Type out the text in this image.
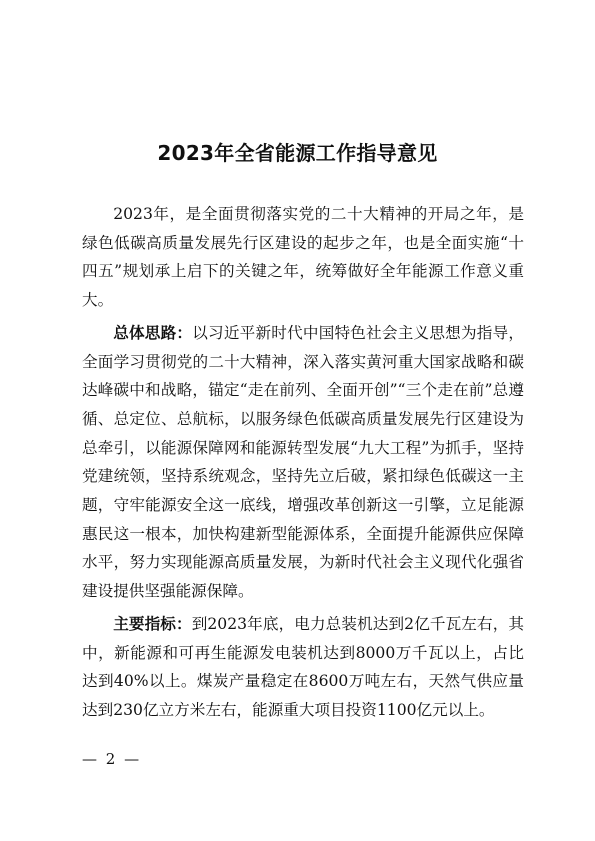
2023年全省能源工作指导意见

2023年，是全面贯彻落实党的二十大精神的开局之年，是绿色低碳高质量发展先行区建设的起步之年，也是全面实施“十四五”规划承上启下的关键之年，统筹做好全年能源工作意义重大。

总体思路：以习近平新时代中国特色社会主义思想为指导，全面学习贯彻党的二十大精神，深入落实黄河重大国家战略和碳达峰碳中和战略，锚定“走在前列、全面开创”“三个走在前”总遵循、总定位、总航标，以服务绿色低碳高质量发展先行区建设为总牵引，以能源保障网和能源转型发展“九大工程”为抓手，坚持党建统领，坚持系统观念，坚持先立后破，紧扣绿色低碳这一主题，守牢能源安全这一底线，增强改革创新这一引擎，立足能源惠民这一根本，加快构建新型能源体系，全面提升能源供应保障水平，努力实现能源高质量发展，为新时代社会主义现代化强省建设提供坚强能源保障。

主要指标：到2023年底，电力总装机达到2亿千瓦左右，其中，新能源和可再生能源发电装机达到8000万千瓦以上，占比达到40%以上。煤炭产量稳定在8600万吨左右，天然气供应量达到230亿立方米左右，能源重大项目投资1100亿元以上。

— 2 —
